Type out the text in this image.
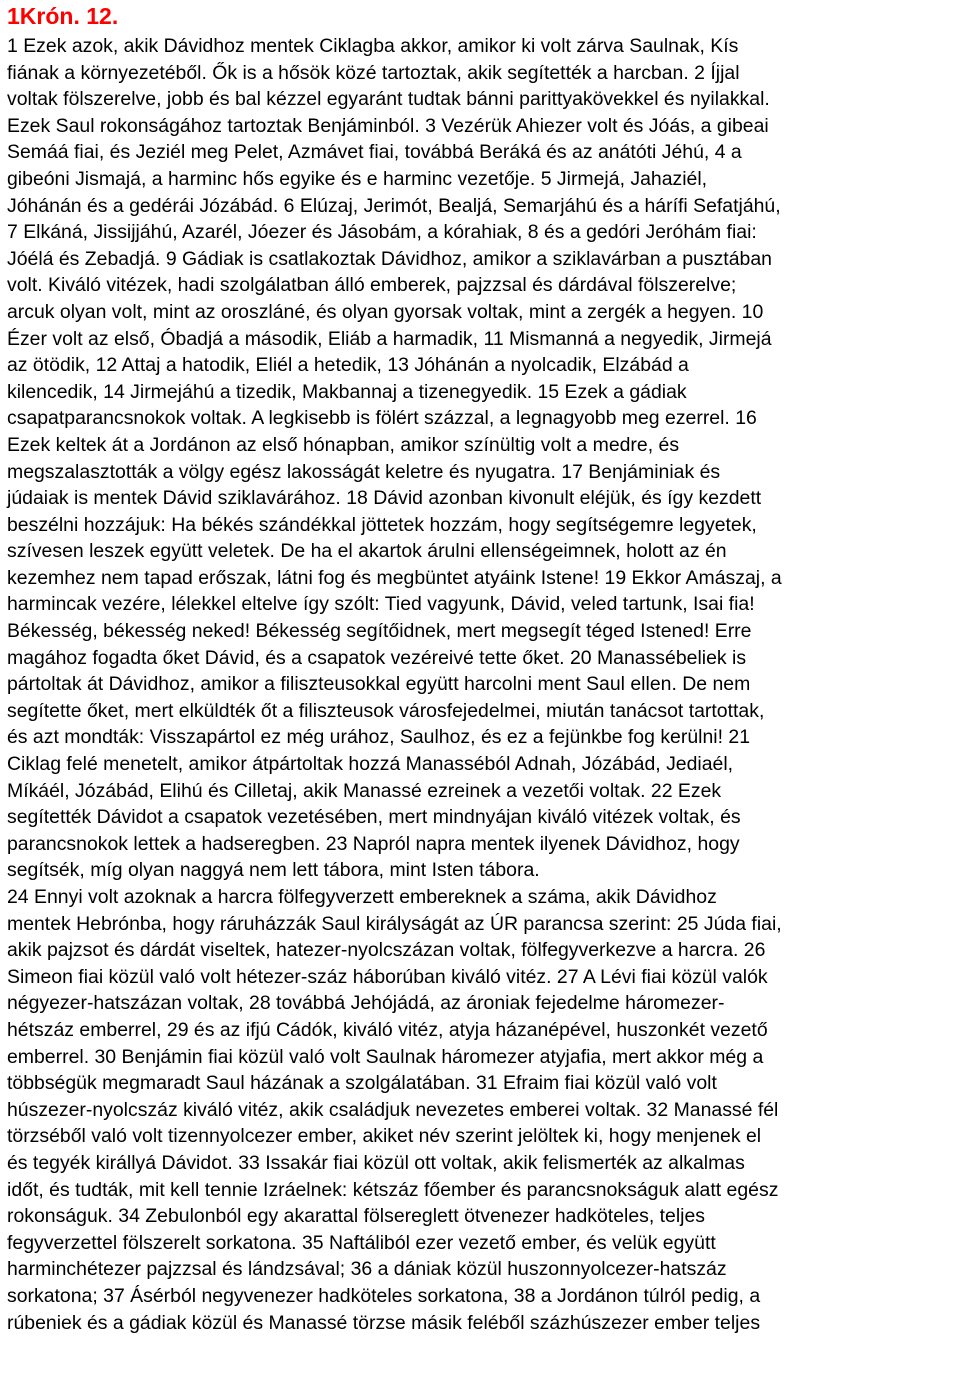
1Krón. 12.
1 Ezek azok, akik Dávidhoz mentek Ciklagba akkor, amikor ki volt zárva Saulnak, Kís
fiának a környezetéből. Ők is a hősök közé tartoztak, akik segítették a harcban. 2 Íjjal
voltak fölszerelve, jobb és bal kézzel egyaránt tudtak bánni parittyakövekkel és nyilakkal.
Ezek Saul rokonságához tartoztak Benjáminból. 3 Vezérük Ahiezer volt és Jóás, a gibeai
Semáá fiai, és Jeziél meg Pelet, Azmávet fiai, továbbá Beráká és az anátóti Jéhú, 4 a
gibeóni Jismajá, a harminc hős egyike és e harminc vezetője. 5 Jirmejá, Jahaziél,
Jóhánán és a gedérái Józábád. 6 Elúzaj, Jerimót, Bealjá, Semarjáhú és a hárífi Sefatjáhú,
7 Elkáná, Jissijjáhú, Azarél, Jóezer és Jásobám, a kórahiak, 8 és a gedóri Jeróhám fiai:
Jóélá és Zebadjá. 9 Gádiak is csatlakoztak Dávidhoz, amikor a sziklavárban a pusztában
volt. Kiváló vitézek, hadi szolgálatban álló emberek, pajzzsal és dárdával fölszerelve;
arcuk olyan volt, mint az oroszláné, és olyan gyorsak voltak, mint a zergék a hegyen. 10
Ézer volt az első, Óbadjá a második, Eliáb a harmadik, 11 Mismanná a negyedik, Jirmejá
az ötödik, 12 Attaj a hatodik, Eliél a hetedik, 13 Jóhánán a nyolcadik, Elzábád a
kilencedik, 14 Jirmejáhú a tizedik, Makbannaj a tizenegyedik. 15 Ezek a gádiak
csapatparancsnokok voltak. A legkisebb is fölért százzal, a legnagyobb meg ezerrel. 16
Ezek keltek át a Jordánon az első hónapban, amikor színültig volt a medre, és
megszalasztották a völgy egész lakosságát keletre és nyugatra. 17 Benjáminiak és
júdaiak is mentek Dávid sziklavárához. 18 Dávid azonban kivonult eléjük, és így kezdett
beszélni hozzájuk: Ha békés szándékkal jöttetek hozzám, hogy segítségemre legyetek,
szívesen leszek együtt veletek. De ha el akartok árulni ellenségeimnek, holott az én
kezemhez nem tapad erőszak, látni fog és megbüntet atyáink Istene! 19 Ekkor Amászaj, a
harmincak vezére, lélekkel eltelve így szólt: Tied vagyunk, Dávid, veled tartunk, Isai fia!
Békesség, békesség neked! Békesség segítőidnek, mert megsegít téged Istened! Erre
magához fogadta őket Dávid, és a csapatok vezéreivé tette őket. 20 Manassébeliek is
pártoltak át Dávidhoz, amikor a filiszteusokkal együtt harcolni ment Saul ellen. De nem
segítette őket, mert elküldték őt a filiszteusok városfejedelmei, miután tanácsot tartottak,
és azt mondták: Visszapártol ez még urához, Saulhoz, és ez a fejünkbe fog kerülni! 21
Ciklag felé menetelt, amikor átpártoltak hozzá Manasséból Adnah, Józábád, Jediaél,
Míkáél, Józábád, Elihú és Cilletaj, akik Manassé ezreinek a vezetői voltak. 22 Ezek
segítették Dávidot a csapatok vezetésében, mert mindnyájan kiváló vitézek voltak, és
parancsnokok lettek a hadseregben. 23 Napról napra mentek ilyenek Dávidhoz, hogy
segítsék, míg olyan naggyá nem lett tábora, mint Isten tábora.
24 Ennyi volt azoknak a harcra fölfegyverzett embereknek a száma, akik Dávidhoz
mentek Hebrónba, hogy ráruházzák Saul királyságát az ÚR parancsa szerint: 25 Júda fiai,
akik pajzsot és dárdát viseltek, hatezer-nyolcszázan voltak, fölfegyverkezve a harcra. 26
Simeon fiai közül való volt hétezer-száz háborúban kiváló vitéz. 27 A Lévi fiai közül valók
négyezer-hatszázan voltak, 28 továbbá Jehójádá, az ároniak fejedelme háromezer-
hétszáz emberrel, 29 és az ifjú Cádók, kiváló vitéz, atyja házanépével, huszonkét vezető
emberrel. 30 Benjámin fiai közül való volt Saulnak háromezer atyjafia, mert akkor még a
többségük megmaradt Saul házának a szolgálatában. 31 Efraim fiai közül való volt
húszezer-nyolcszáz kiváló vitéz, akik családjuk nevezetes emberei voltak. 32 Manassé fél
törzséből való volt tizennyolcezer ember, akiket név szerint jelöltek ki, hogy menjenek el
és tegyék királlyá Dávidot. 33 Issakár fiai közül ott voltak, akik felismerték az alkalmas
időt, és tudták, mit kell tennie Izráelnek: kétszáz főember és parancsnokságuk alatt egész
rokonságuk. 34 Zebulonból egy akarattal fölsereglett ötvenezer hadköteles, teljes
fegyverzettel fölszerelt sorkatona. 35 Naftáliból ezer vezető ember, és velük együtt
harminchétezer pajzzsal és lándzsával; 36 a dániak közül huszonnyolcezer-hatszáz
sorkatona; 37 Ásérból negyvenezer hadköteles sorkatona, 38 a Jordánon túlról pedig, a
rúbeniek és a gádiak közül és Manassé törzse másik feléből százhúszezer ember teljes
